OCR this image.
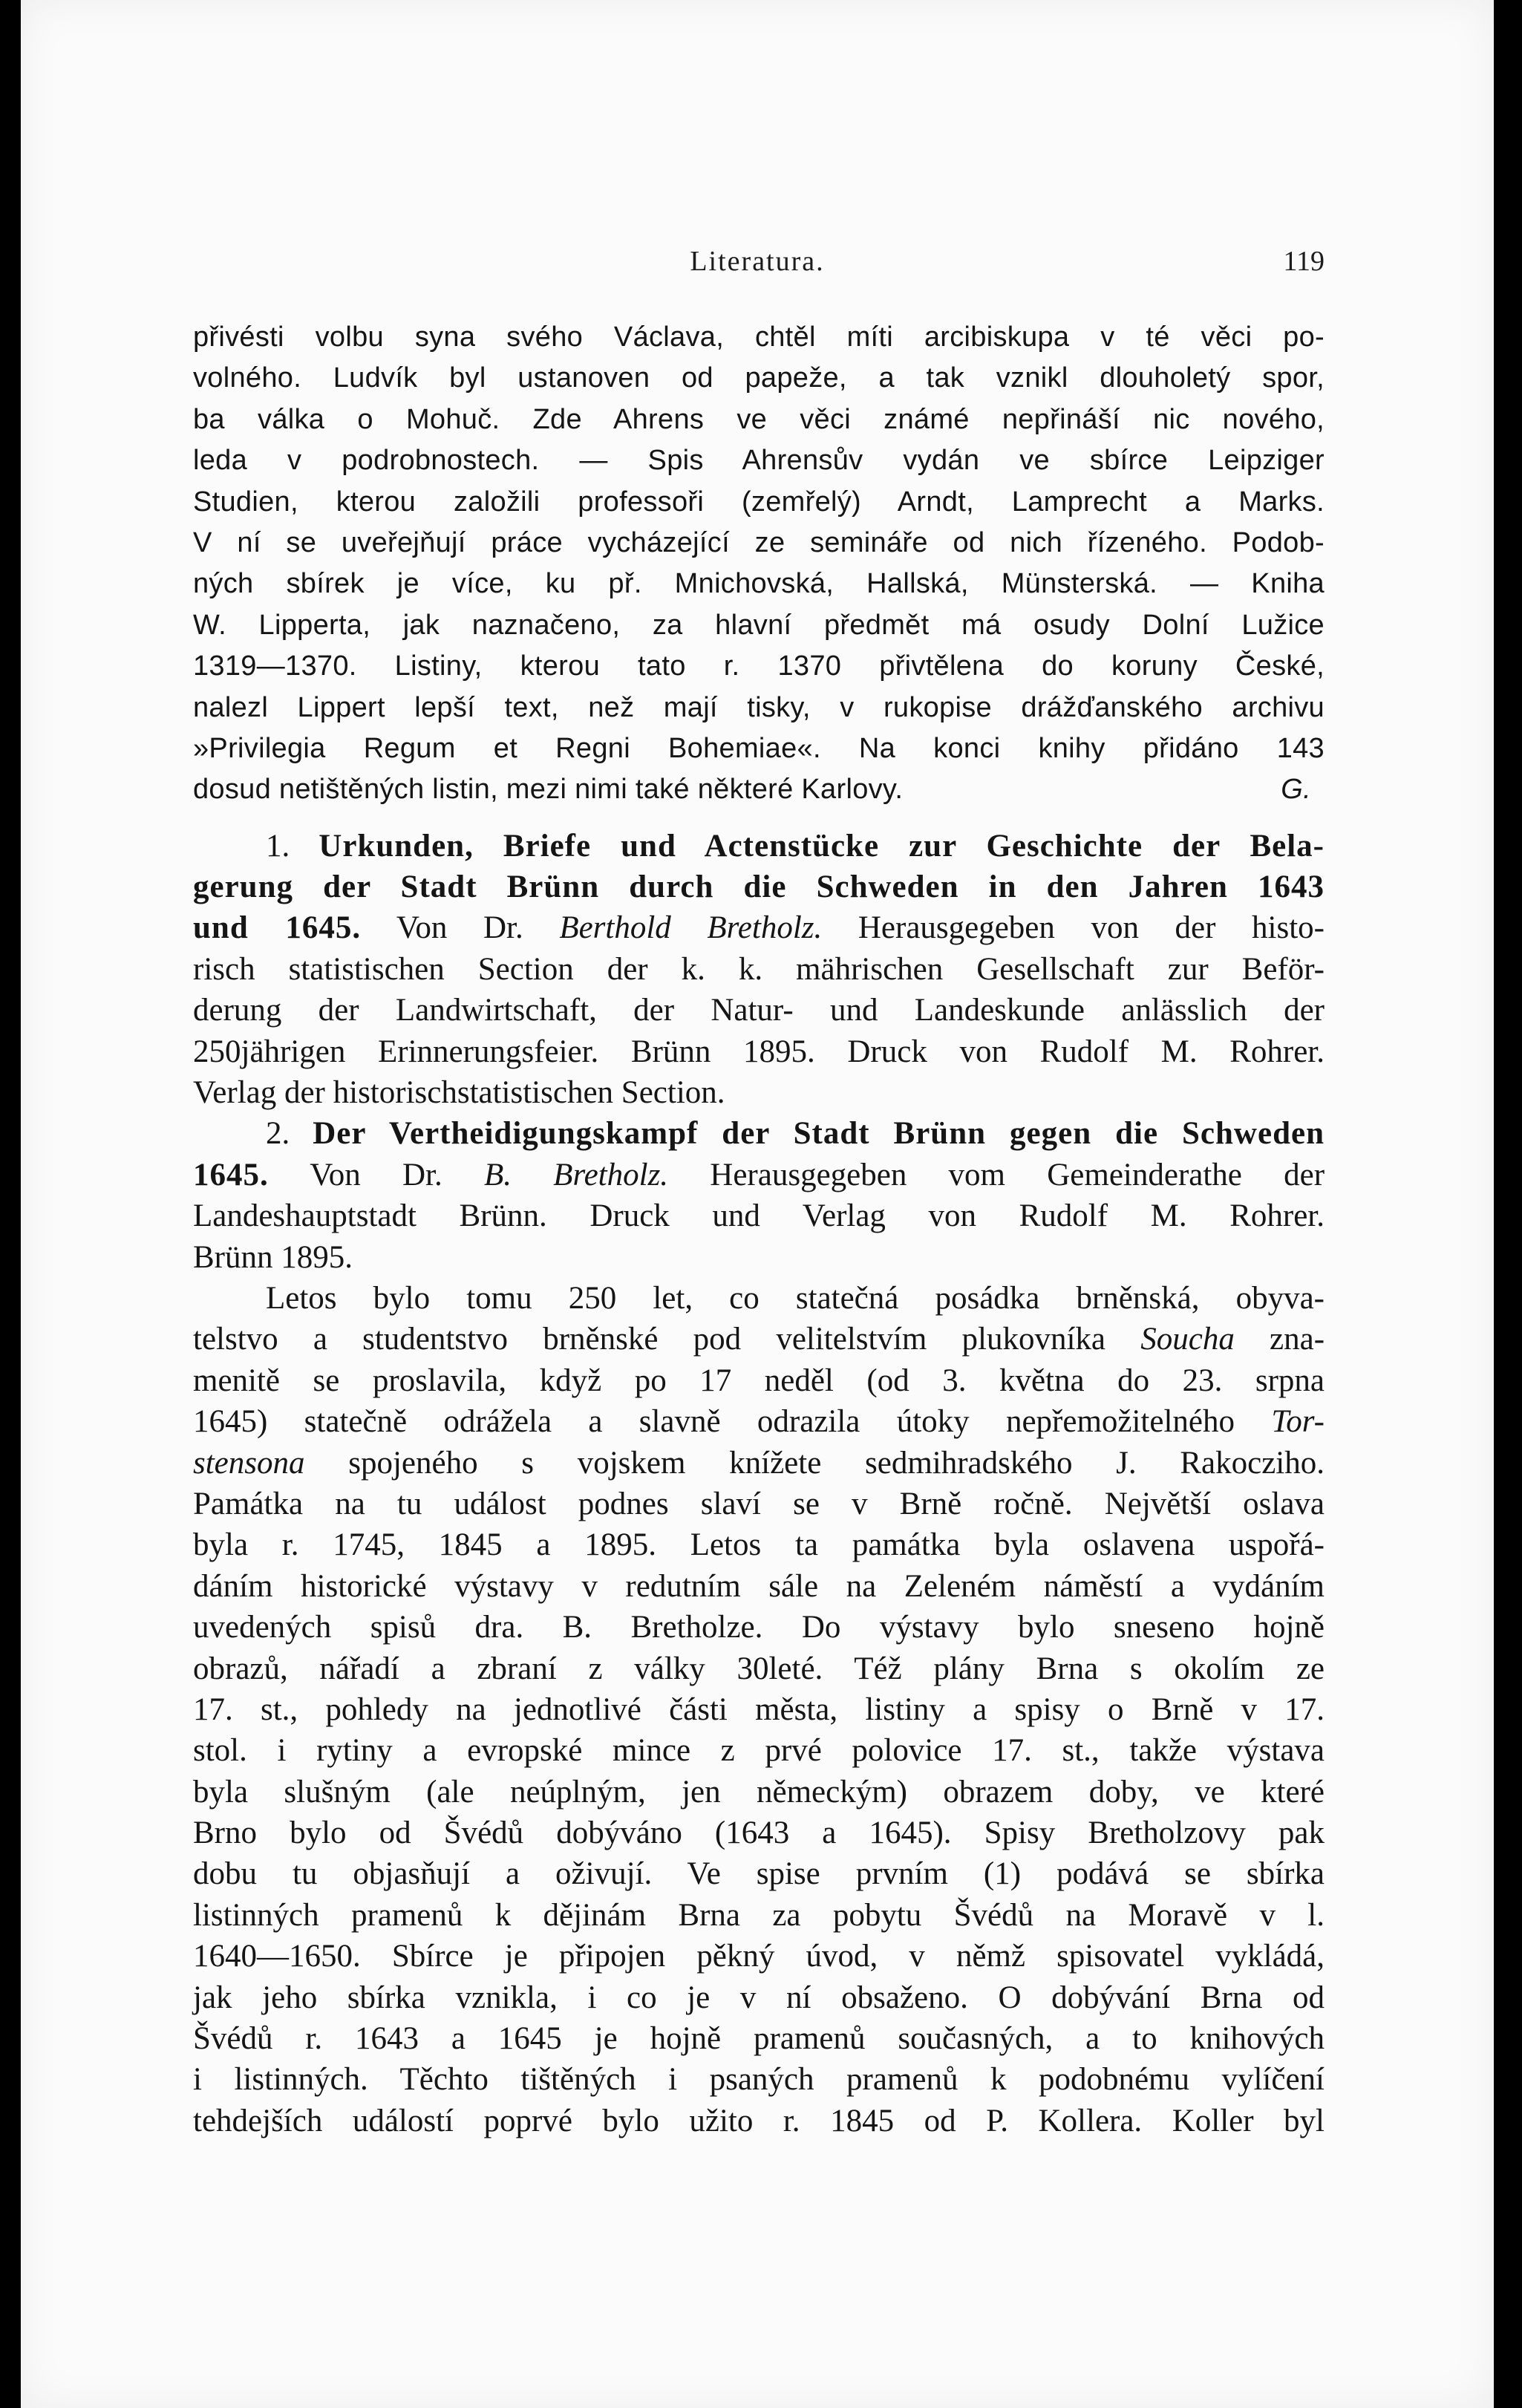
Literatura.	119
přivésti volbu syna svého Václava, chtěl míti arcibiskupa v té věci po-
volného. Ludvík byl ustanoven od papeže, a tak vznikl dlouholetý spor,
ba válka o Mohuč. Zde Ahrens ve věci známé nepřináší nic nového,
leda v podrobnostech. — Spis Ahrensův vydán ve sbírce Leipziger
Studien, kterou založili professoři (zemřelý) Arndt, Lamprecht a Marks.
V ní se uveřejňují práce vycházející ze semináře od nich řízeného. Podob-
ných sbírek je více, ku př. Mnichovská, Hallská, Münsterská. — Kniha
W. Lipperta, jak naznačeno, za hlavní předmět má osudy Dolní Lužice
1319—1370. Listiny, kterou tato r. 1370 přivtělena do koruny České,
nalezl Lippert lepší text, než mají tisky, v rukopise drážďanského archivu
»Privilegia Regum et Regni Bohemiae«. Na konci knihy přidáno 143
dosud netištěných listin, mezi nimi také některé Karlovy.	G.
1. Urkunden, Briefe und Actenstücke zur Geschichte der Bela-
gerung der Stadt Brünn durch die Schweden in den Jahren 1643
und 1645. Von Dr. Berthold Bretholz. Herausgegeben von der histo-
risch statistischen Section der k. k. mährischen Gesellschaft zur Beför-
derung der Landwirtschaft, der Natur- und Landeskunde anlässlich der
250jährigen Erinnerungsfeier. Brünn 1895. Druck von Rudolf M. Rohrer.
Verlag der historischstatistischen Section.
2. Der Vertheidigungskampf der Stadt Brünn gegen die Schweden
1645. Von Dr. B. Bretholz. Herausgegeben vom Gemeinderathe der
Landeshauptstadt Brünn. Druck und Verlag von Rudolf M. Rohrer.
Brünn 1895.
Letos bylo tomu 250 let, co statečná posádka brněnská, obyva-
telstvo a studentstvo brněnské pod velitelstvím plukovníka Soucha zna-
menitě se proslavila, když po 17 neděl (od 3. května do 23. srpna
1645) statečně odrážela a slavně odrazila útoky nepřemožitelného Tor-
stensona spojeného s vojskem knížete sedmihradského J. Rakocziho.
Památka na tu událost podnes slaví se v Brně ročně. Největší oslava
byla r. 1745, 1845 a 1895. Letos ta památka byla oslavena uspořá-
dáním historické výstavy v redutním sále na Zeleném náměstí a vydáním
uvedených spisů dra. B. Bretholze. Do výstavy bylo sneseno hojně
obrazů, nářadí a zbraní z války 30leté. Též plány Brna s okolím ze
17. st., pohledy na jednotlivé části města, listiny a spisy o Brně v 17.
stol. i rytiny a evropské mince z prvé polovice 17. st., takže výstava
byla slušným (ale neúplným, jen německým) obrazem doby, ve které
Brno bylo od Švédů dobýváno (1643 a 1645). Spisy Bretholzovy pak
dobu tu objasňují a oživují. Ve spise prvním (1) podává se sbírka
listinných pramenů k dějinám Brna za pobytu Švédů na Moravě v l.
1640—1650. Sbírce je připojen pěkný úvod, v němž spisovatel vykládá,
jak jeho sbírka vznikla, i co je v ní obsaženo. O dobývání Brna od
Švédů r. 1643 a 1645 je hojně pramenů současných, a to knihových
i listinných. Těchto tištěných i psaných pramenů k podobnému vylíčení
tehdejších událostí poprvé bylo užito r. 1845 od P. Kollera. Koller byl
